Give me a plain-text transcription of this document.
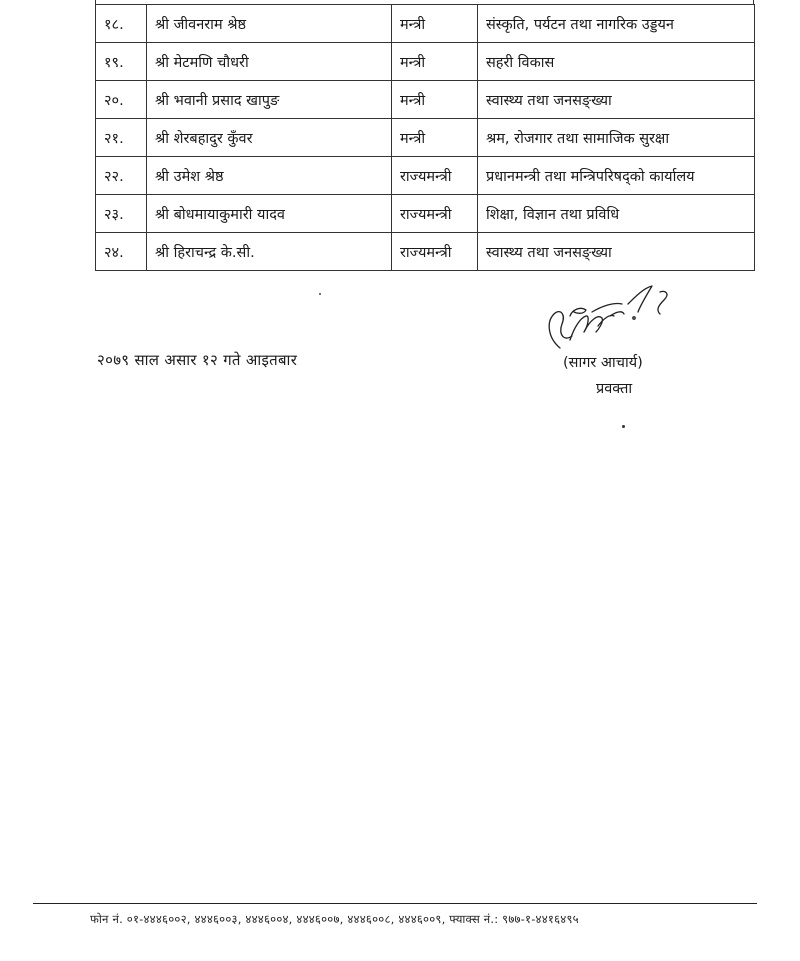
१८.	श्री जीवनराम श्रेष्ठ	मन्त्री	संस्कृति, पर्यटन तथा नागरिक उड्डयन
१९.	श्री मेटमणि चौधरी	मन्त्री	सहरी विकास
२०.	श्री भवानी प्रसाद खापुङ	मन्त्री	स्वास्थ्य तथा जनसङ्ख्या
२१.	श्री शेरबहादुर कुँवर	मन्त्री	श्रम, रोजगार तथा सामाजिक सुरक्षा
२२.	श्री उमेश श्रेष्ठ	राज्यमन्त्री	प्रधानमन्त्री तथा मन्त्रिपरिषद्को कार्यालय
२३.	श्री बोधमायाकुमारी यादव	राज्यमन्त्री	शिक्षा, विज्ञान तथा प्रविधि
२४.	श्री हिराचन्द्र के.सी.	राज्यमन्त्री	स्वास्थ्य तथा जनसङ्ख्या
२०७९ साल असार १२ गते आइतबार	(सागर आचार्य)
प्रवक्ता
फोन नं. ०१-४४४६००२, ४४४६००३, ४४४६००४, ४४४६००७, ४४४६००८, ४४४६००९, फ्याक्स नं.: ९७७-१-४४१६४९५
